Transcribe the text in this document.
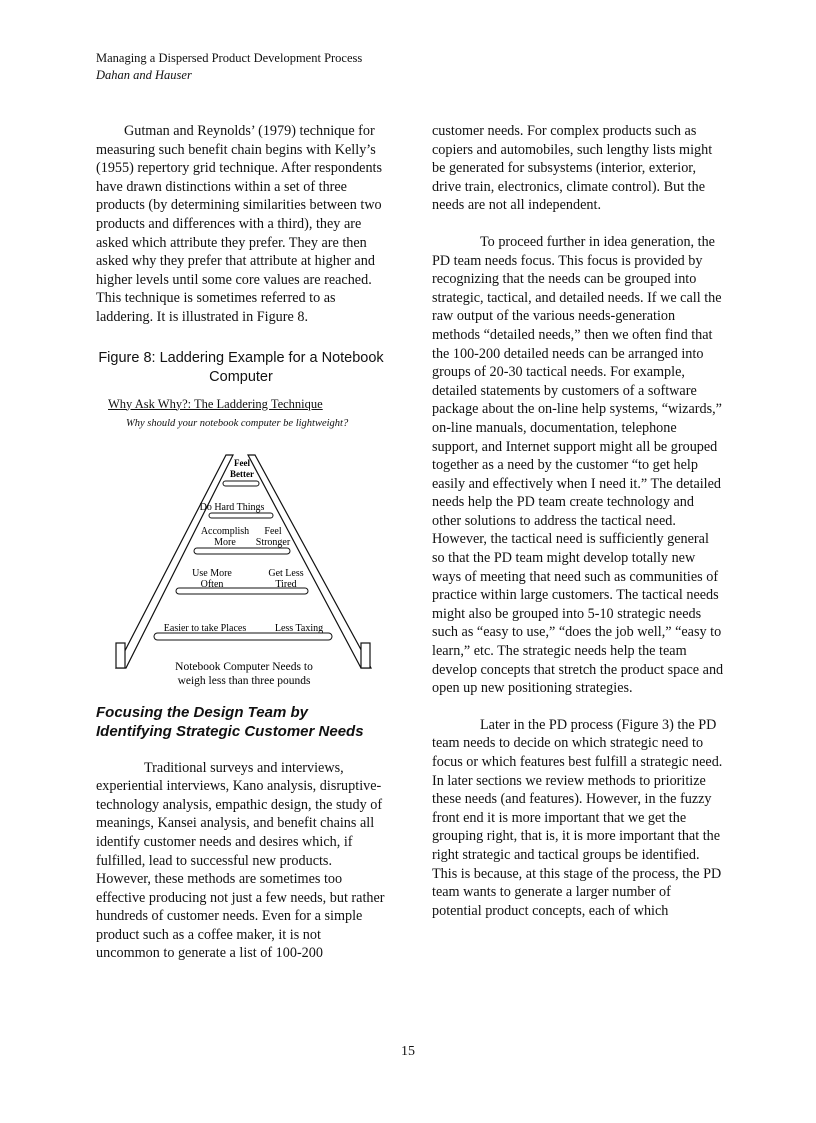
Managing a Dispersed Product Development Process
Dahan and Hauser

Gutman and Reynolds’ (1979) technique for measuring such benefit chain begins with Kelly’s (1955) repertory grid technique. After respondents have drawn distinctions within a set of three products (by determining similarities between two products and differences with a third), they are asked which attribute they prefer. They are then asked why they prefer that attribute at higher and higher levels until some core values are reached. This technique is sometimes referred to as laddering. It is illustrated in Figure 8.

Figure 8: Laddering Example for a Notebook Computer
Feel
Better
Do Hard Things
Accomplish
More
Feel
Stronger
Use More
Often
Get Less
Tired
Easier to take Places	Less Taxing
Notebook Computer Needs to
weigh less than three pounds
Why Ask Why?: The Laddering Technique
Why should your notebook computer be lightweight?
Focusing the Design Team by Identifying Strategic Customer Needs

Traditional surveys and interviews, experiential interviews, Kano analysis, disruptive-technology analysis, empathic design, the study of meanings, Kansei analysis, and benefit chains all identify customer needs and desires which, if fulfilled, lead to successful new products. However, these methods are sometimes too effective producing not just a few needs, but rather hundreds of customer needs. Even for a simple product such as a coffee maker, it is not uncommon to generate a list of 100-200

customer needs. For complex products such as copiers and automobiles, such lengthy lists might be generated for subsystems (interior, exterior, drive train, electronics, climate control). But the needs are not all independent.

To proceed further in idea generation, the PD team needs focus. This focus is provided by recognizing that the needs can be grouped into strategic, tactical, and detailed needs. If we call the raw output of the various needs-generation methods “detailed needs,” then we often find that the 100-200 detailed needs can be arranged into groups of 20-30 tactical needs. For example, detailed statements by customers of a software package about the on-line help systems, “wizards,” on-line manuals, documentation, telephone support, and Internet support might all be grouped together as a need by the customer “to get help easily and effectively when I need it.” The detailed needs help the PD team create technology and other solutions to address the tactical need. However, the tactical need is sufficiently general so that the PD team might develop totally new ways of meeting that need such as communities of practice within large customers. The tactical needs might also be grouped into 5-10 strategic needs such as “easy to use,” “does the job well,” “easy to learn,” etc. The strategic needs help the team develop concepts that stretch the product space and open up new positioning strategies.

Later in the PD process (Figure 3) the PD team needs to decide on which strategic need to focus or which features best fulfill a strategic need. In later sections we review methods to prioritize these needs (and features). However, in the fuzzy front end it is more important that we get the grouping right, that is, it is more important that the right strategic and tactical groups be identified. This is because, at this stage of the process, the PD team wants to generate a larger number of potential product concepts, each of which

15
